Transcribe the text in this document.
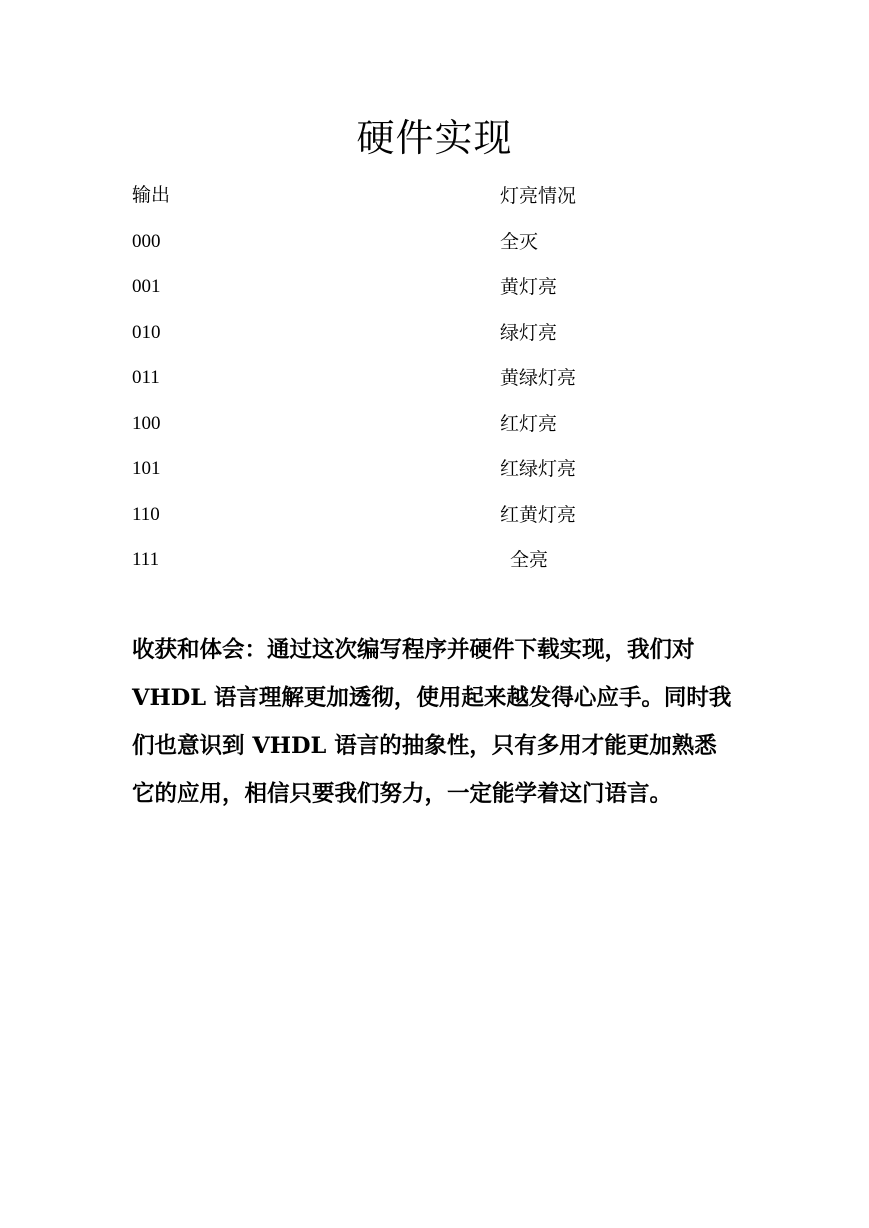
硬件实现
输出	灯亮情况
000	全灭
001	黄灯亮
010	绿灯亮
011	黄绿灯亮
100	红灯亮
101	红绿灯亮
110	红黄灯亮
111	全亮
收获和体会：通过这次编写程序并硬件下载实现，我们对
VHDL 语言理解更加透彻，使用起来越发得心应手。同时我
们也意识到 VHDL 语言的抽象性，只有多用才能更加熟悉
它的应用，相信只要我们努力，一定能学着这门语言。
